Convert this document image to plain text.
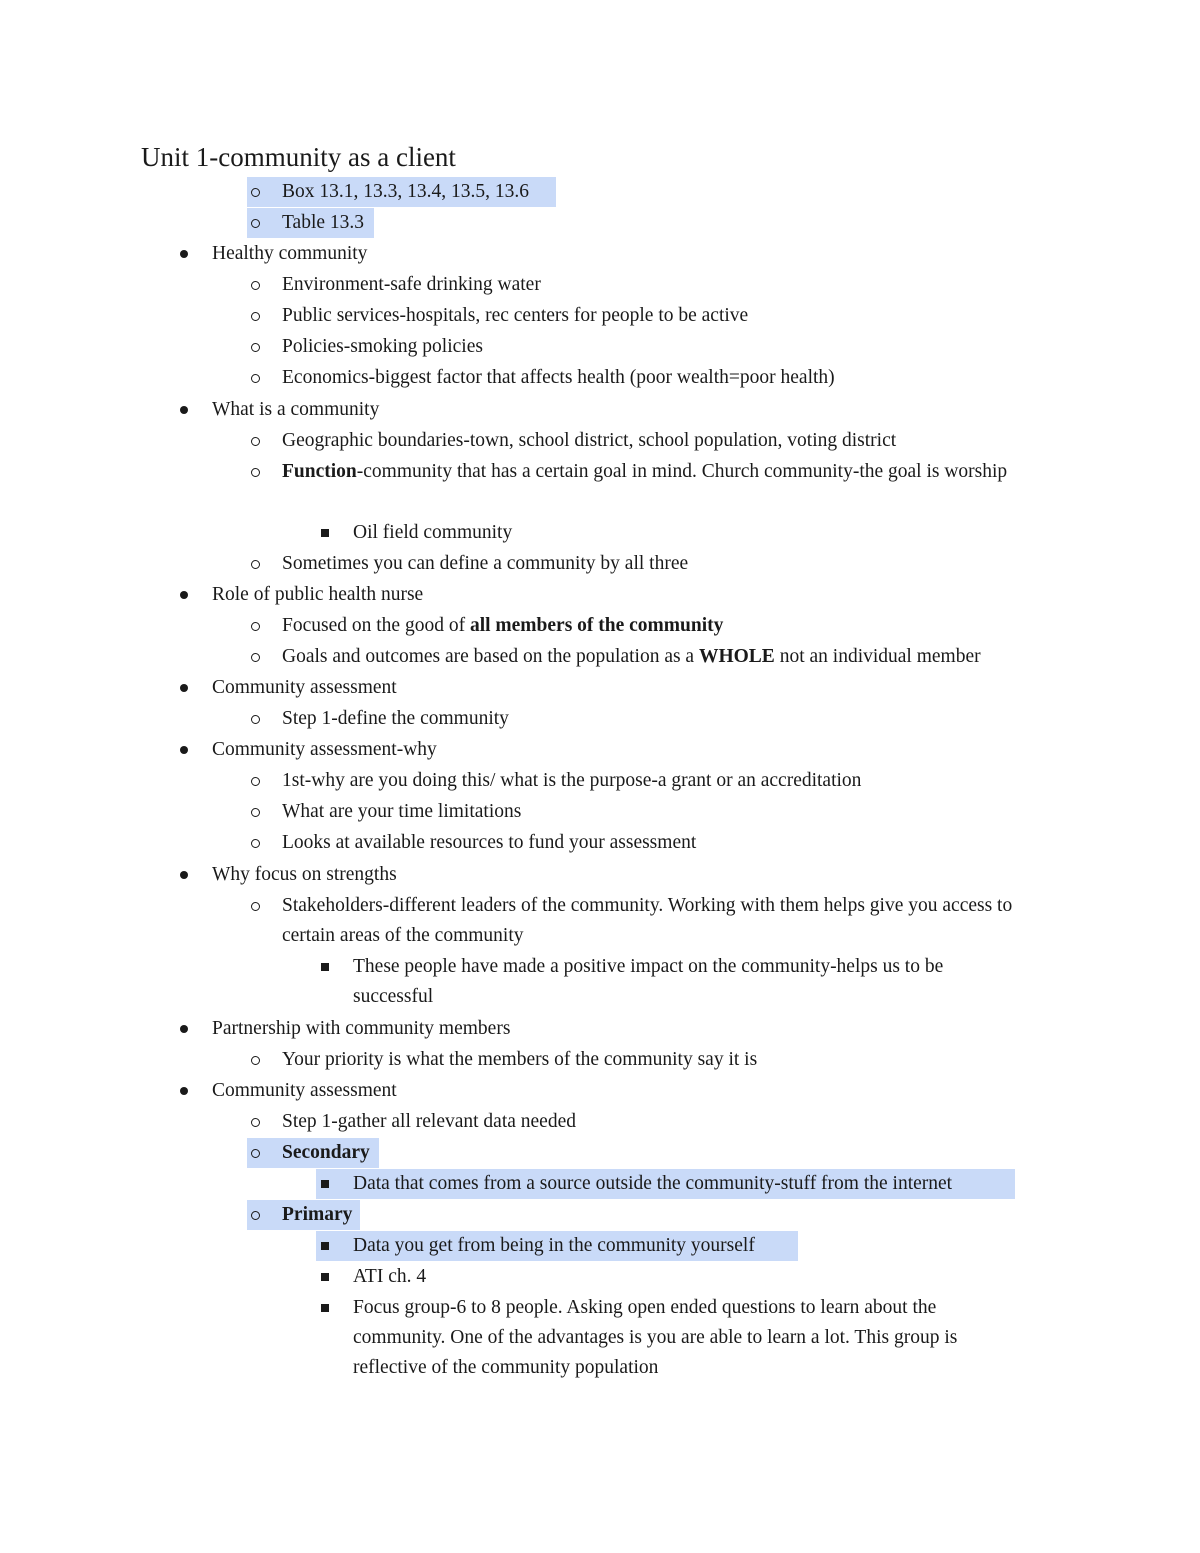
Unit 1-community as a client
Box 13.1, 13.3, 13.4, 13.5, 13.6
Table 13.3
Healthy community
Environment-safe drinking water
Public services-hospitals, rec centers for people to be active
Policies-smoking policies
Economics-biggest factor that affects health (poor wealth=poor health)
What is a community
Geographic boundaries-town, school district, school population, voting district
Function-community that has a certain goal in mind. Church community-the goal is worship
Oil field community
Sometimes you can define a community by all three
Role of public health nurse
Focused on the good of all members of the community
Goals and outcomes are based on the population as a WHOLE not an individual member
Community assessment
Step 1-define the community
Community assessment-why
1st-why are you doing this/ what is the purpose-a grant or an accreditation
What are your time limitations
Looks at available resources to fund your assessment
Why focus on strengths
Stakeholders-different leaders of the community. Working with them helps give you access to certain areas of the community
These people have made a positive impact on the community-helps us to be successful
Partnership with community members
Your priority is what the members of the community say it is
Community assessment
Step 1-gather all relevant data needed
Secondary
Data that comes from a source outside the community-stuff from the internet
Primary
Data you get from being in the community yourself
ATI ch. 4
Focus group-6 to 8 people. Asking open ended questions to learn about the community. One of the advantages is you are able to learn a lot. This group is reflective of the community population
